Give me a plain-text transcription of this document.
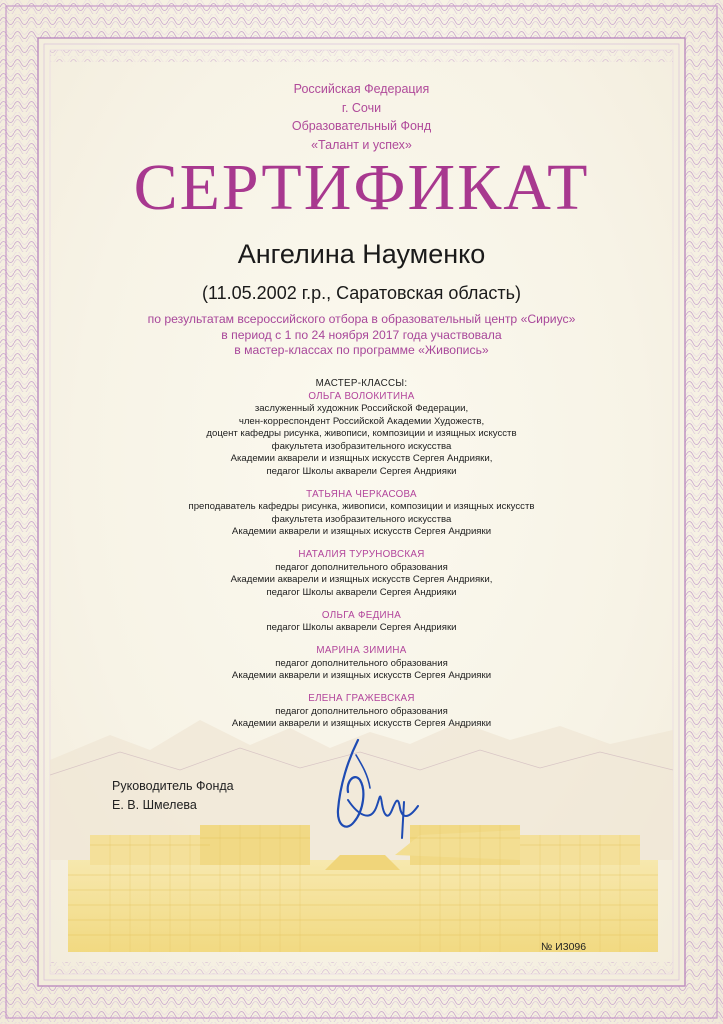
Российская Федерация
г. Сочи
Образовательный Фонд
«Талант и успех»
СЕРТИФИКАТ
Ангелина Науменко
(11.05.2002 г.р., Саратовская область)
по результатам всероссийского отбора в образовательный центр «Сириус»
в период с 1 по 24 ноября 2017 года участвовала
в мастер-классах по программе «Живопись»
МАСТЕР-КЛАССЫ:
ОЛЬГА ВОЛОКИТИНА
заслуженный художник Российской Федерации,
член-корреспондент Российской Академии Художеств,
доцент кафедры рисунка, живописи, композиции и изящных искусств
факультета изобразительного искусства
Академии акварели и изящных искусств Сергея Андрияки,
педагог Школы акварели Сергея Андрияки
ТАТЬЯНА ЧЕРКАСОВА
преподаватель кафедры рисунка, живописи, композиции и изящных искусств
факультета изобразительного искусства
Академии акварели и изящных искусств Сергея Андрияки
НАТАЛИЯ ТУРУНОВСКАЯ
педагог дополнительного образования
Академии акварели и изящных искусств Сергея Андрияки,
педагог Школы акварели Сергея Андрияки
ОЛЬГА ФЕДИНА
педагог Школы акварели Сергея Андрияки
МАРИНА ЗИМИНА
педагог дополнительного образования
Академии акварели и изящных искусств Сергея Андрияки
ЕЛЕНА ГРАЖЕВСКАЯ
педагог дополнительного образования
Академии акварели и изящных искусств Сергея Андрияки
Руководитель Фонда
Е. В. Шмелева
№ И3096
